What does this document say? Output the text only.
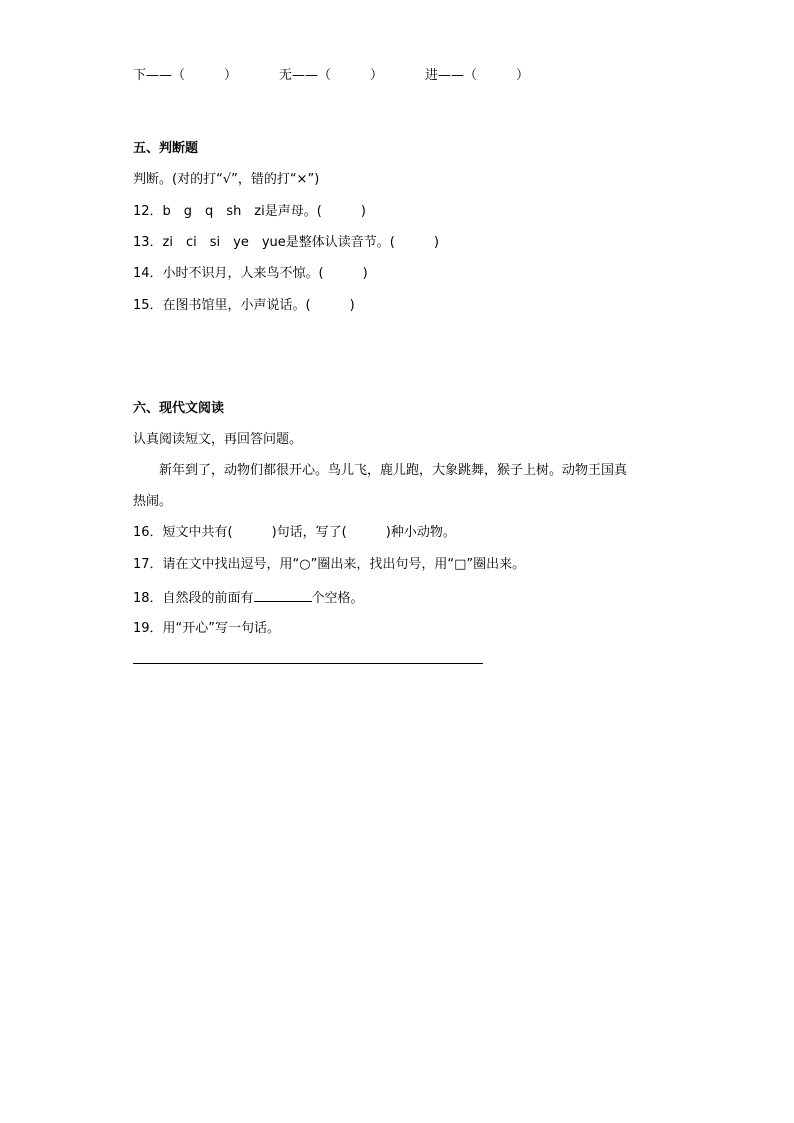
下——（　　　）	无——（　　　）	进——（　　　）
五、判断题
判断。(对的打“√”，错的打“×”)
12．b　g　q　sh　zi是声母。(　　　)
13．zi　ci　si　ye　yue是整体认读音节。(　　　)
14．小时不识月，人来鸟不惊。(　　　)
15．在图书馆里，小声说话。(　　　)
六、现代文阅读
认真阅读短文，再回答问题。
新年到了，动物们都很开心。鸟儿飞，鹿儿跑，大象跳舞，猴子上树。动物王国真
热闹。
16．短文中共有(　　　)句话，写了(　　　)种小动物。
17．请在文中找出逗号，用“○”圈出来，找出句号，用“□”圈出来。
18．自然段的前面有	个空格。
19．用“开心”写一句话。
